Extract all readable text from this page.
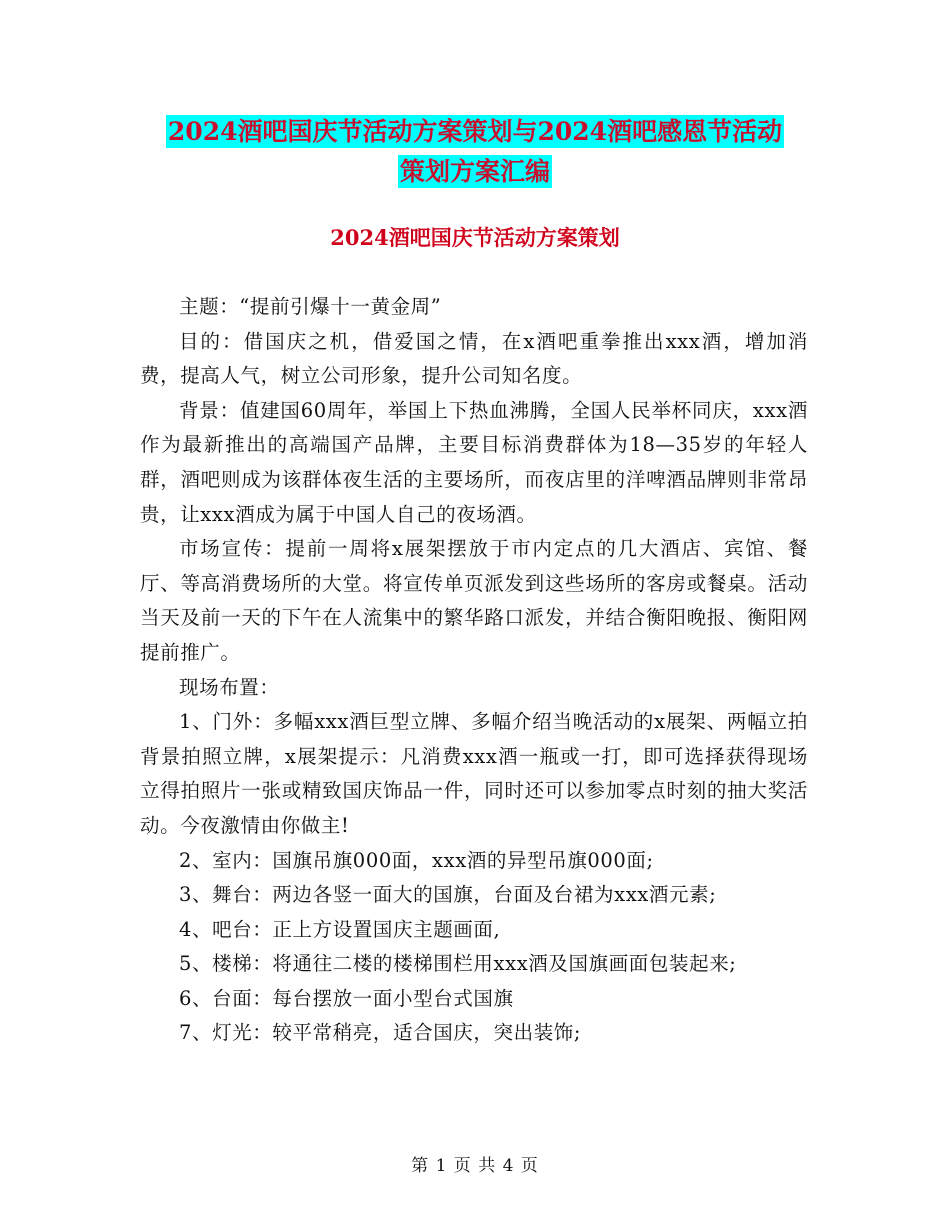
2024酒吧国庆节活动方案策划与2024酒吧感恩节活动
策划方案汇编
2024酒吧国庆节活动方案策划

主题：“提前引爆十一黄金周”

目的：借国庆之机，借爱国之情，在x酒吧重拳推出xxx酒，增加消费，提高人气，树立公司形象，提升公司知名度。

背景：值建国60周年，举国上下热血沸腾，全国人民举杯同庆，xxx酒作为最新推出的高端国产品牌，主要目标消费群体为18—35岁的年轻人群，酒吧则成为该群体夜生活的主要场所，而夜店里的洋啤酒品牌则非常昂贵，让xxx酒成为属于中国人自己的夜场酒。

市场宣传：提前一周将x展架摆放于市内定点的几大酒店、宾馆、餐厅、等高消费场所的大堂。将宣传单页派发到这些场所的客房或餐桌。活动当天及前一天的下午在人流集中的繁华路口派发，并结合衡阳晚报、衡阳网提前推广。

现场布置：

1、门外：多幅xxx酒巨型立牌、多幅介绍当晚活动的x展架、两幅立拍背景拍照立牌，x展架提示：凡消费xxx酒一瓶或一打，即可选择获得现场立得拍照片一张或精致国庆饰品一件，同时还可以参加零点时刻的抽大奖活动。今夜激情由你做主!

2、室内：国旗吊旗000面，xxx酒的异型吊旗000面;

3、舞台：两边各竖一面大的国旗，台面及台裙为xxx酒元素;

4、吧台：正上方设置国庆主题画面,

5、楼梯：将通往二楼的楼梯围栏用xxx酒及国旗画面包装起来;

6、台面：每台摆放一面小型台式国旗

7、灯光：较平常稍亮，适合国庆，突出装饰;

第 1 页 共 4 页
